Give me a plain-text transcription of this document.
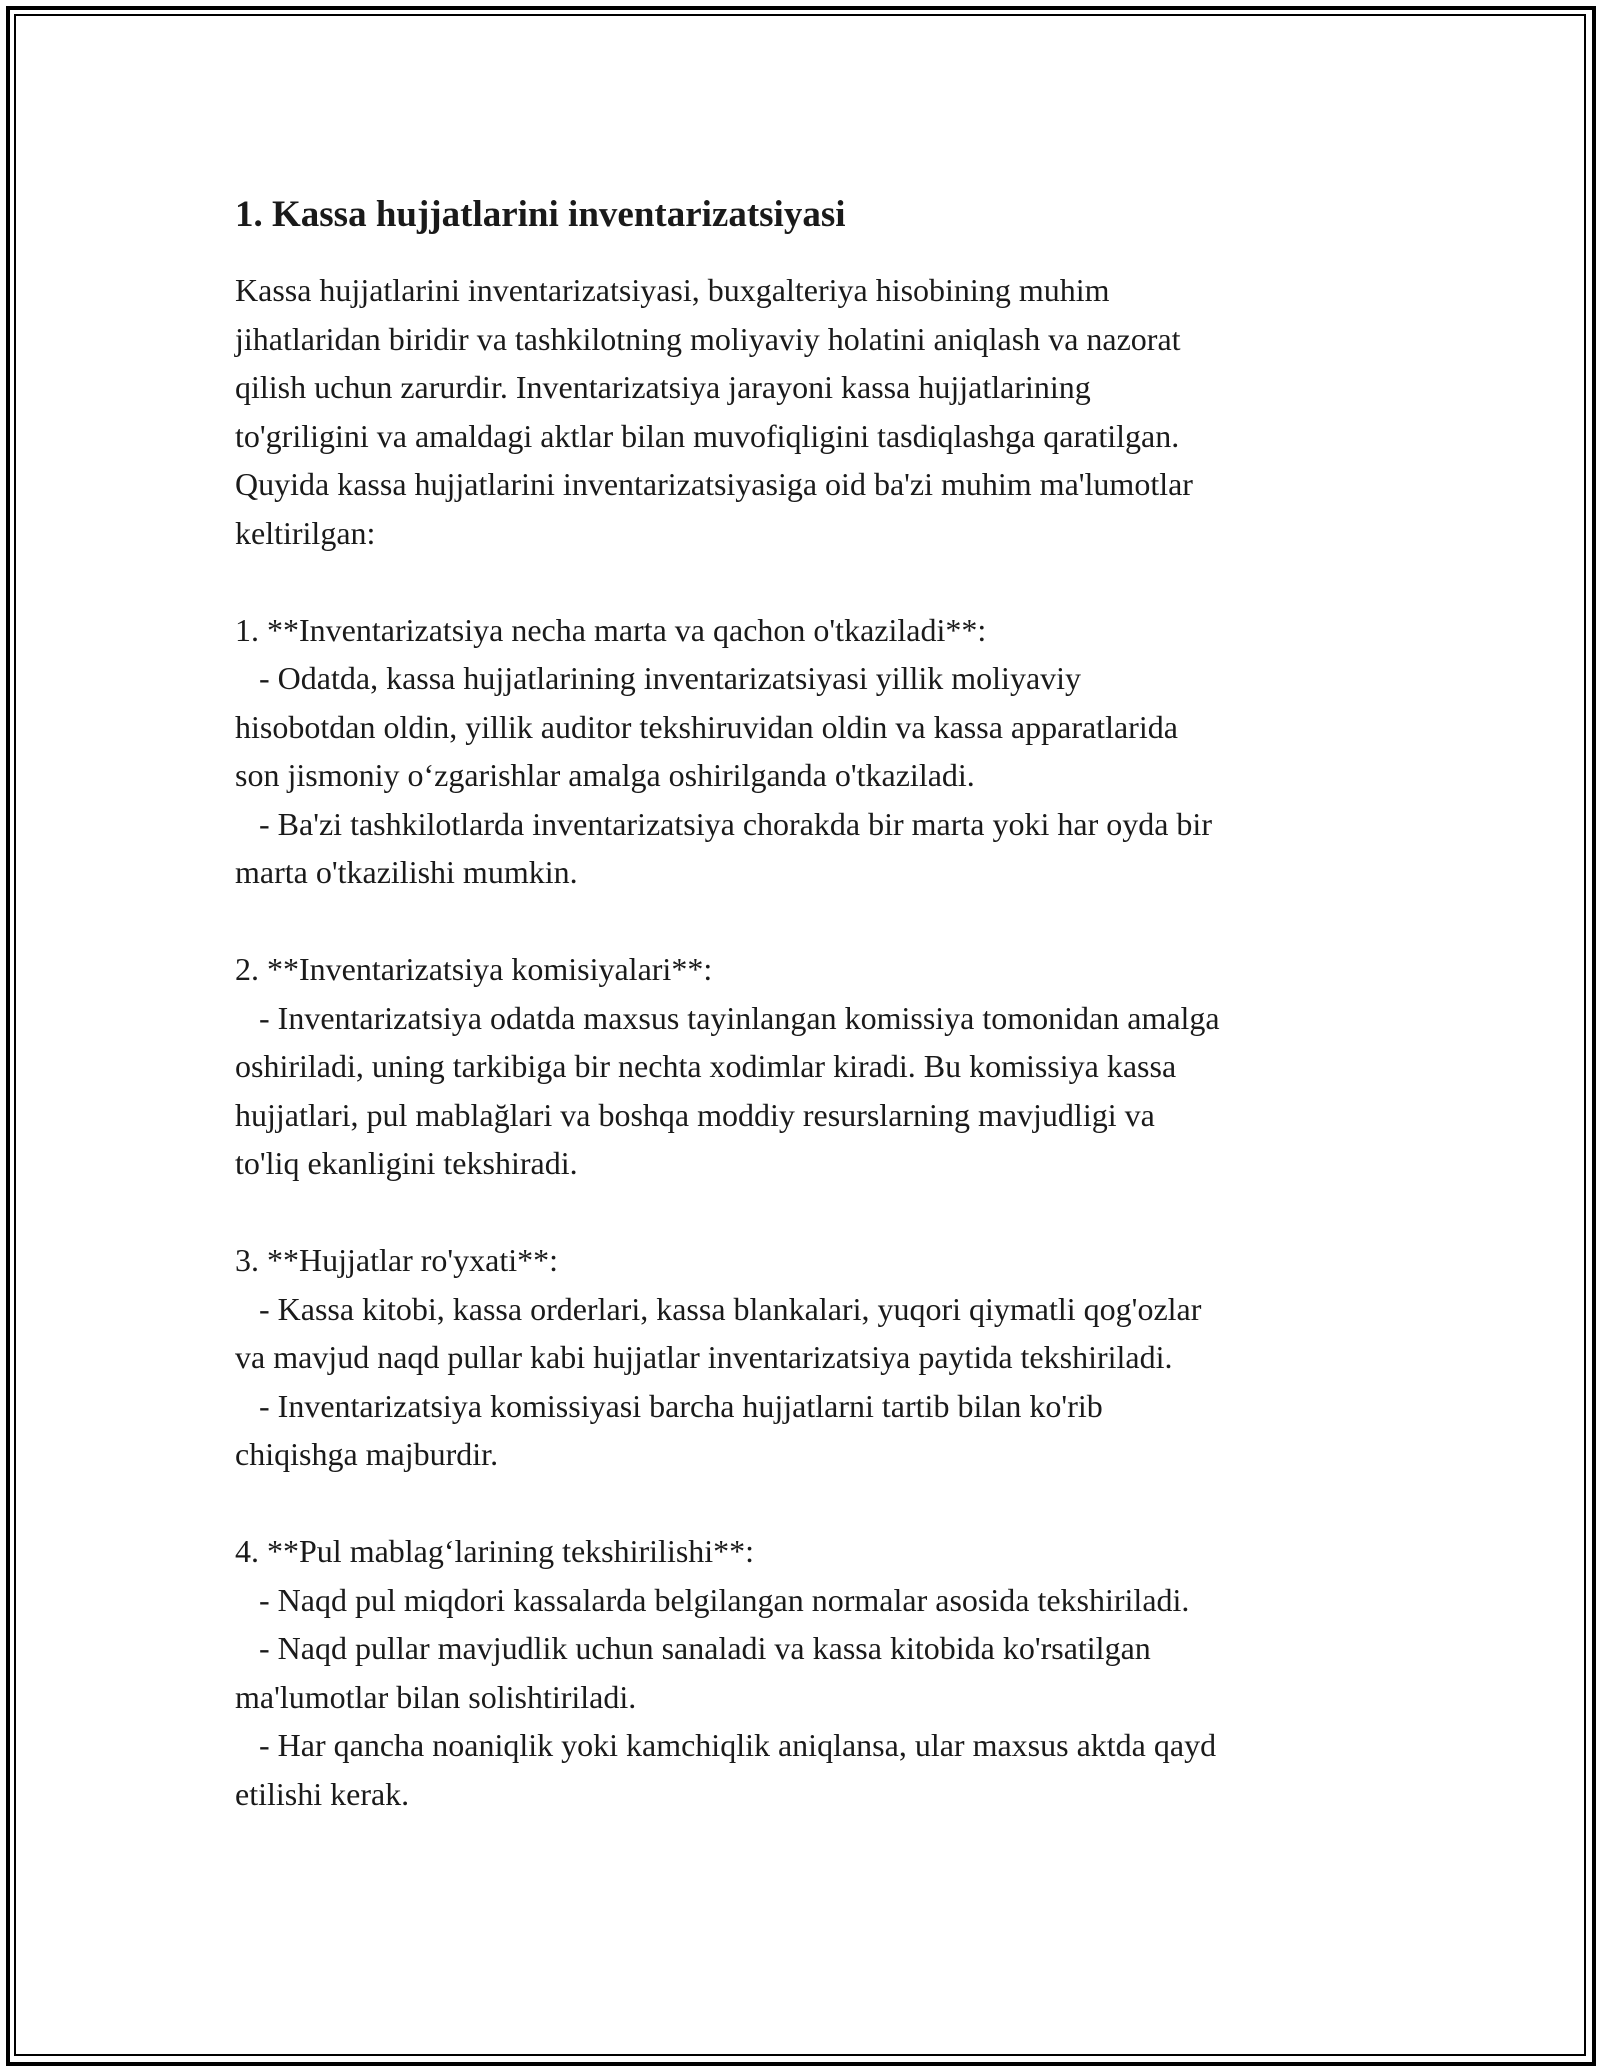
1. Kassa hujjatlarini inventarizatsiyasi
Kassa hujjatlarini inventarizatsiyasi, buxgalteriya hisobining muhim
jihatlaridan biridir va tashkilotning moliyaviy holatini aniqlash va nazorat
qilish uchun zarurdir. Inventarizatsiya jarayoni kassa hujjatlarining
to'griligini va amaldagi aktlar bilan muvofiqligini tasdiqlashga qaratilgan.
Quyida kassa hujjatlarini inventarizatsiyasiga oid ba'zi muhim ma'lumotlar
keltirilgan:
1. **Inventarizatsiya necha marta va qachon o'tkaziladi**:
- Odatda, kassa hujjatlarining inventarizatsiyasi yillik moliyaviy
hisobotdan oldin, yillik auditor tekshiruvidan oldin va kassa apparatlarida
son jismoniy o‘zgarishlar amalga oshirilganda o'tkaziladi.
- Ba'zi tashkilotlarda inventarizatsiya chorakda bir marta yoki har oyda bir
marta o'tkazilishi mumkin.
2. **Inventarizatsiya komisiyalari**:
- Inventarizatsiya odatda maxsus tayinlangan komissiya tomonidan amalga
oshiriladi, uning tarkibiga bir nechta xodimlar kiradi. Bu komissiya kassa
hujjatlari, pul mablağlari va boshqa moddiy resurslarning mavjudligi va
to'liq ekanligini tekshiradi.
3. **Hujjatlar ro'yxati**:
- Kassa kitobi, kassa orderlari, kassa blankalari, yuqori qiymatli qog'ozlar
va mavjud naqd pullar kabi hujjatlar inventarizatsiya paytida tekshiriladi.
- Inventarizatsiya komissiyasi barcha hujjatlarni tartib bilan ko'rib
chiqishga majburdir.
4. **Pul mablag‘larining tekshirilishi**:
- Naqd pul miqdori kassalarda belgilangan normalar asosida tekshiriladi.
- Naqd pullar mavjudlik uchun sanaladi va kassa kitobida ko'rsatilgan
ma'lumotlar bilan solishtiriladi.
- Har qancha noaniqlik yoki kamchiqlik aniqlansa, ular maxsus aktda qayd
etilishi kerak.
